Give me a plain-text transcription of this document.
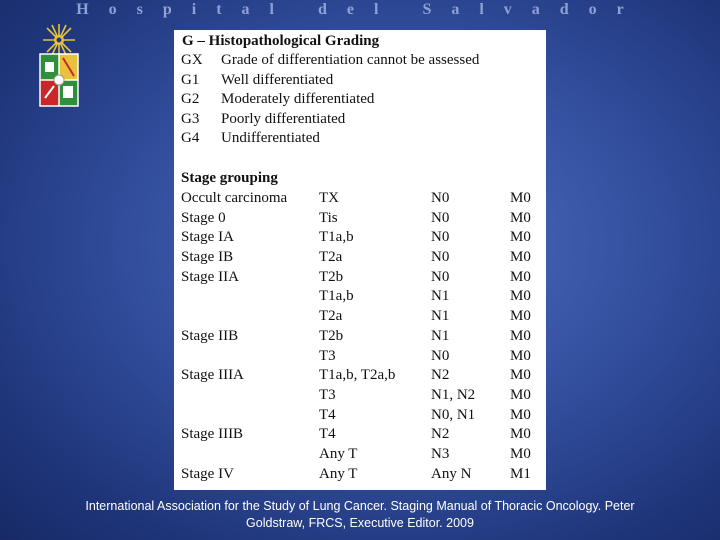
Hospital del Salvador
G – Histopathological Grading
GX Grade of differentiation cannot be assessed
G1 Well differentiated
G2 Moderately differentiated
G3 Poorly differentiated
G4 Undifferentiated
Stage grouping
Occult carcinoma TX	N0	M0
Stage 0	Tis	N0	M0
Stage IA	T1a,b	N0	M0
Stage IB	T2a	N0	M0
Stage IIA	T2b	N0	M0
T1a,b	N1	M0
T2a	N1	M0
Stage IIB	T2b	N1	M0
T3	N0	M0
Stage IIIA	T1a,b, T2a,b N2	M0
T3	N1, N2 M0
T4	N0, N1 M0
Stage IIIB	T4	N2	M0
Any T	N3	M0
Stage IV	Any T	Any N	M1
International Association for the Study of Lung Cancer. Staging Manual of Thoracic Oncology. Peter
Goldstraw, FRCS, Executive Editor. 2009
